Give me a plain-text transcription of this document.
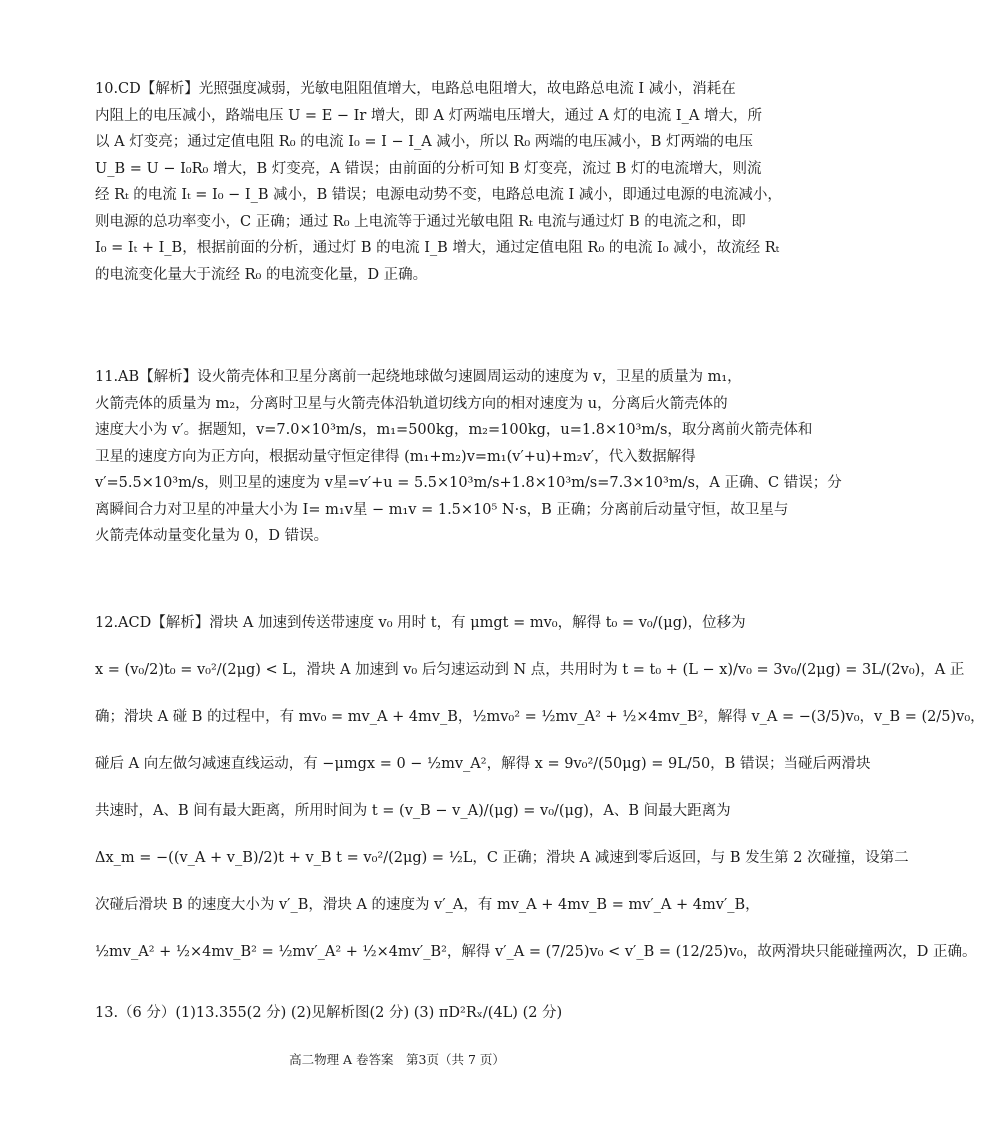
10.CD【解析】光照强度减弱，光敏电阻阻值增大，电路总电阻增大，故电路总电流 I 减小，消耗在
内阻上的电压减小，路端电压 U = E − Ir 增大，即 A 灯两端电压增大，通过 A 灯的电流 I_A 增大，所
以 A 灯变亮；通过定值电阻 R₀ 的电流 I₀ = I − I_A 减小，所以 R₀ 两端的电压减小，B 灯两端的电压
U_B = U − I₀R₀ 增大，B 灯变亮，A 错误；由前面的分析可知 B 灯变亮，流过 B 灯的电流增大，则流
经 Rₜ 的电流 Iₜ = I₀ − I_B 减小，B 错误；电源电动势不变，电路总电流 I 减小，即通过电源的电流减小，
则电源的总功率变小，C 正确；通过 R₀ 上电流等于通过光敏电阻 Rₜ 电流与通过灯 B 的电流之和，即
I₀ = Iₜ + I_B，根据前面的分析，通过灯 B 的电流 I_B 增大，通过定值电阻 R₀ 的电流 I₀ 减小，故流经 Rₜ
的电流变化量大于流经 R₀ 的电流变化量，D 正确。
11.AB【解析】设火箭壳体和卫星分离前一起绕地球做匀速圆周运动的速度为 v，卫星的质量为 m₁，
火箭壳体的质量为 m₂，分离时卫星与火箭壳体沿轨道切线方向的相对速度为 u，分离后火箭壳体的
速度大小为 v′。据题知，v=7.0×10³m/s，m₁=500kg，m₂=100kg，u=1.8×10³m/s，取分离前火箭壳体和
卫星的速度方向为正方向，根据动量守恒定律得 (m₁+m₂)v=m₁(v′+u)+m₂v′，代入数据解得
v′=5.5×10³m/s，则卫星的速度为 v星=v′+u = 5.5×10³m/s+1.8×10³m/s=7.3×10³m/s，A 正确、C 错误；分
离瞬间合力对卫星的冲量大小为 I= m₁v星 − m₁v = 1.5×10⁵ N·s，B 正确；分离前后动量守恒，故卫星与
火箭壳体动量变化量为 0，D 错误。
12.ACD【解析】滑块 A 加速到传送带速度 v₀ 用时 t，有 μmgt = mv₀，解得 t₀ = v₀/(μg)，位移为
x = (v₀/2)t₀ = v₀²/(2μg) < L，滑块 A 加速到 v₀ 后匀速运动到 N 点，共用时为 t = t₀ + (L − x)/v₀ = 3v₀/(2μg) = 3L/(2v₀)，A 正
确；滑块 A 碰 B 的过程中，有 mv₀ = mv_A + 4mv_B，½mv₀² = ½mv_A² + ½×4mv_B²，解得 v_A = −(3/5)v₀，v_B = (2/5)v₀，
碰后 A 向左做匀减速直线运动，有 −μmgx = 0 − ½mv_A²，解得 x = 9v₀²/(50μg) = 9L/50，B 错误；当碰后两滑块
共速时，A、B 间有最大距离，所用时间为 t = (v_B − v_A)/(μg) = v₀/(μg)，A、B 间最大距离为
Δx_m = −((v_A + v_B)/2)t + v_B t = v₀²/(2μg) = ½L，C 正确；滑块 A 减速到零后返回，与 B 发生第 2 次碰撞，设第二
次碰后滑块 B 的速度大小为 v′_B，滑块 A 的速度为 v′_A，有 mv_A + 4mv_B = mv′_A + 4mv′_B，
½mv_A² + ½×4mv_B² = ½mv′_A² + ½×4mv′_B²，解得 v′_A = (7/25)v₀ < v′_B = (12/25)v₀，故两滑块只能碰撞两次，D 正确。
13.（6 分）(1)13.355(2 分) (2)见解析图(2 分) (3) πD²Rₓ/(4L) (2 分)
高二物理 A 卷答案　第3页（共 7 页）
